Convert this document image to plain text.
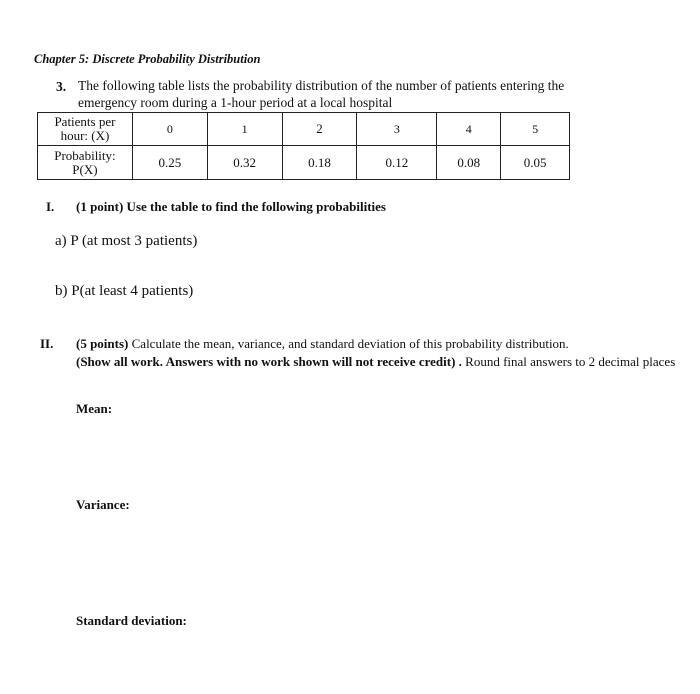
Chapter 5: Discrete Probability Distribution
3. The following table lists the probability distribution of the number of patients entering the
emergency room during a 1-hour period at a local hospital
Patients per
hour: (X)	0	1	2	3	4	5

Probability:
P(X)	0.25	0.32	0.18	0.12	0.08	0.05
I. (1 point) Use the table to find the following probabilities
a) P (at most 3 patients)
b) P(at least 4 patients)
II. (5 points) Calculate the mean, variance, and standard deviation of this probability distribution.
(Show all work. Answers with no work shown will not receive credit) . Round final answers to 2 decimal places
Mean:
Variance:
Standard deviation:
